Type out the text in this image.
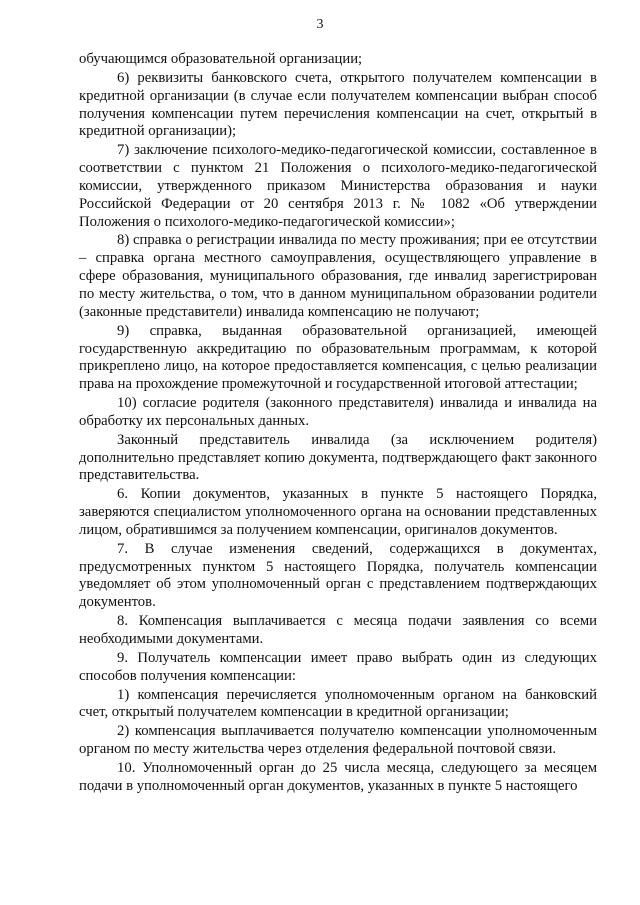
3

обучающимся образовательной организации;

6) реквизиты банковского счета, открытого получателем компенсации в кредитной организации (в случае если получателем компенсации выбран способ получения компенсации путем перечисления компенсации на счет, открытый в кредитной организации);

7) заключение психолого-медико-педагогической комиссии, составленное в соответствии с пунктом 21 Положения о психолого-медико-педагогической комиссии, утвержденного приказом Министерства образования и науки Российской Федерации от 20 сентября 2013 г. № 1082 «Об утверждении Положения о психолого-медико-педагогической комиссии»;

8) справка о регистрации инвалида по месту проживания; при ее отсутствии – справка органа местного самоуправления, осуществляющего управление в сфере образования, муниципального образования, где инвалид зарегистрирован по месту жительства, о том, что в данном муниципальном образовании родители (законные представители) инвалида компенсацию не получают;

9) справка, выданная образовательной организацией, имеющей государственную аккредитацию по образовательным программам, к которой прикреплено лицо, на которое предоставляется компенсация, с целью реализации права на прохождение промежуточной и государственной итоговой аттестации;

10) согласие родителя (законного представителя) инвалида и инвалида на обработку их персональных данных.

Законный представитель инвалида (за исключением родителя) дополнительно представляет копию документа, подтверждающего факт законного представительства.

6. Копии документов, указанных в пункте 5 настоящего Порядка, заверяются специалистом уполномоченного органа на основании представленных лицом, обратившимся за получением компенсации, оригиналов документов.

7. В случае изменения сведений, содержащихся в документах, предусмотренных пунктом 5 настоящего Порядка, получатель компенсации уведомляет об этом уполномоченный орган с представлением подтверждающих документов.

8. Компенсация выплачивается с месяца подачи заявления со всеми необходимыми документами.

9. Получатель компенсации имеет право выбрать один из следующих способов получения компенсации:

1) компенсация перечисляется уполномоченным органом на банковский счет, открытый получателем компенсации в кредитной организации;

2) компенсация выплачивается получателю компенсации уполномоченным органом по месту жительства через отделения федеральной почтовой связи.

10. Уполномоченный орган до 25 числа месяца, следующего за месяцем подачи в уполномоченный орган документов, указанных в пункте 5 настоящего
